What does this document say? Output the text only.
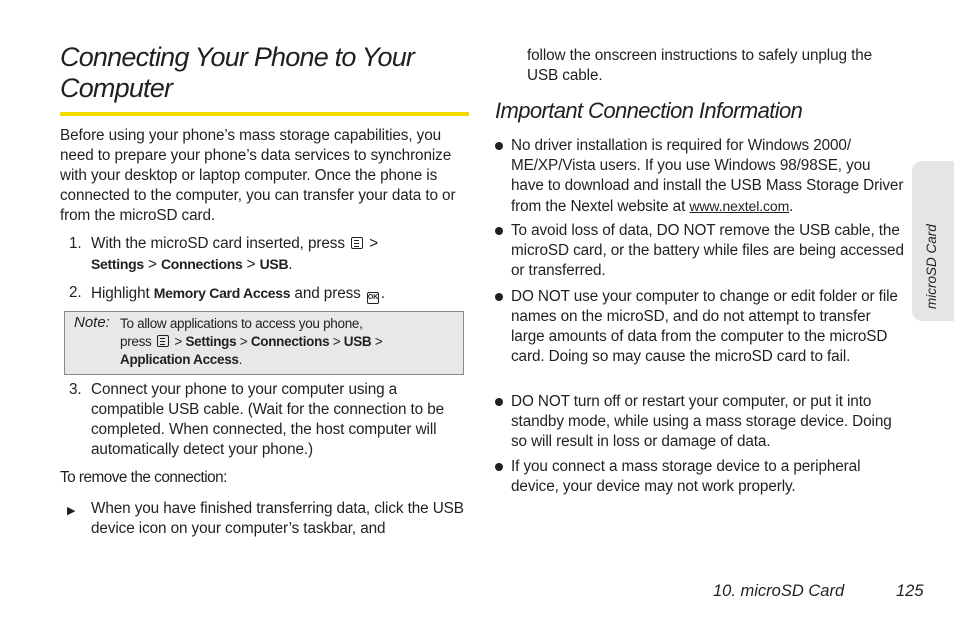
Connecting Your Phone to Your Computer
Before using your phone’s mass storage capabilities, you need to prepare your phone’s data services to synchronize with your desktop or laptop computer. Once the phone is connected to the computer, you can transfer your data to or from the microSD card.
1. With the microSD card inserted, press >
Settings > Connections > USB.
2. Highlight Memory Card Access and press OK .
Note: To allow applications to access you phone,
press > Settings > Connections > USB >
Application Access.
3. Connect your phone to your computer using a compatible USB cable. (Wait for the connection to be completed. When connected, the host computer will automatically detect your phone.)
To remove the connection:
▶ When you have finished transferring data, click the USB device icon on your computer’s taskbar, and
follow the onscreen instructions to safely unplug the USB cable.
Important Connection Information
No driver installation is required for Windows 2000/ ME/XP/Vista users. If you use Windows 98/98SE, you have to download and install the USB Mass Storage Driver from the Nextel website at www.nextel.com.
To avoid loss of data, DO NOT remove the USB cable, the microSD card, or the battery while files are being accessed or transferred.
DO NOT use your computer to change or edit folder or file names on the microSD, and do not attempt to transfer large amounts of data from the computer to the microSD card. Doing so may cause the microSD card to fail.
DO NOT turn off or restart your computer, or put it into standby mode, while using a mass storage device. Doing so will result in loss or damage of data.
If you connect a mass storage device to a peripheral device, your device may not work properly.
microSD Card
10. microSD Card	125
